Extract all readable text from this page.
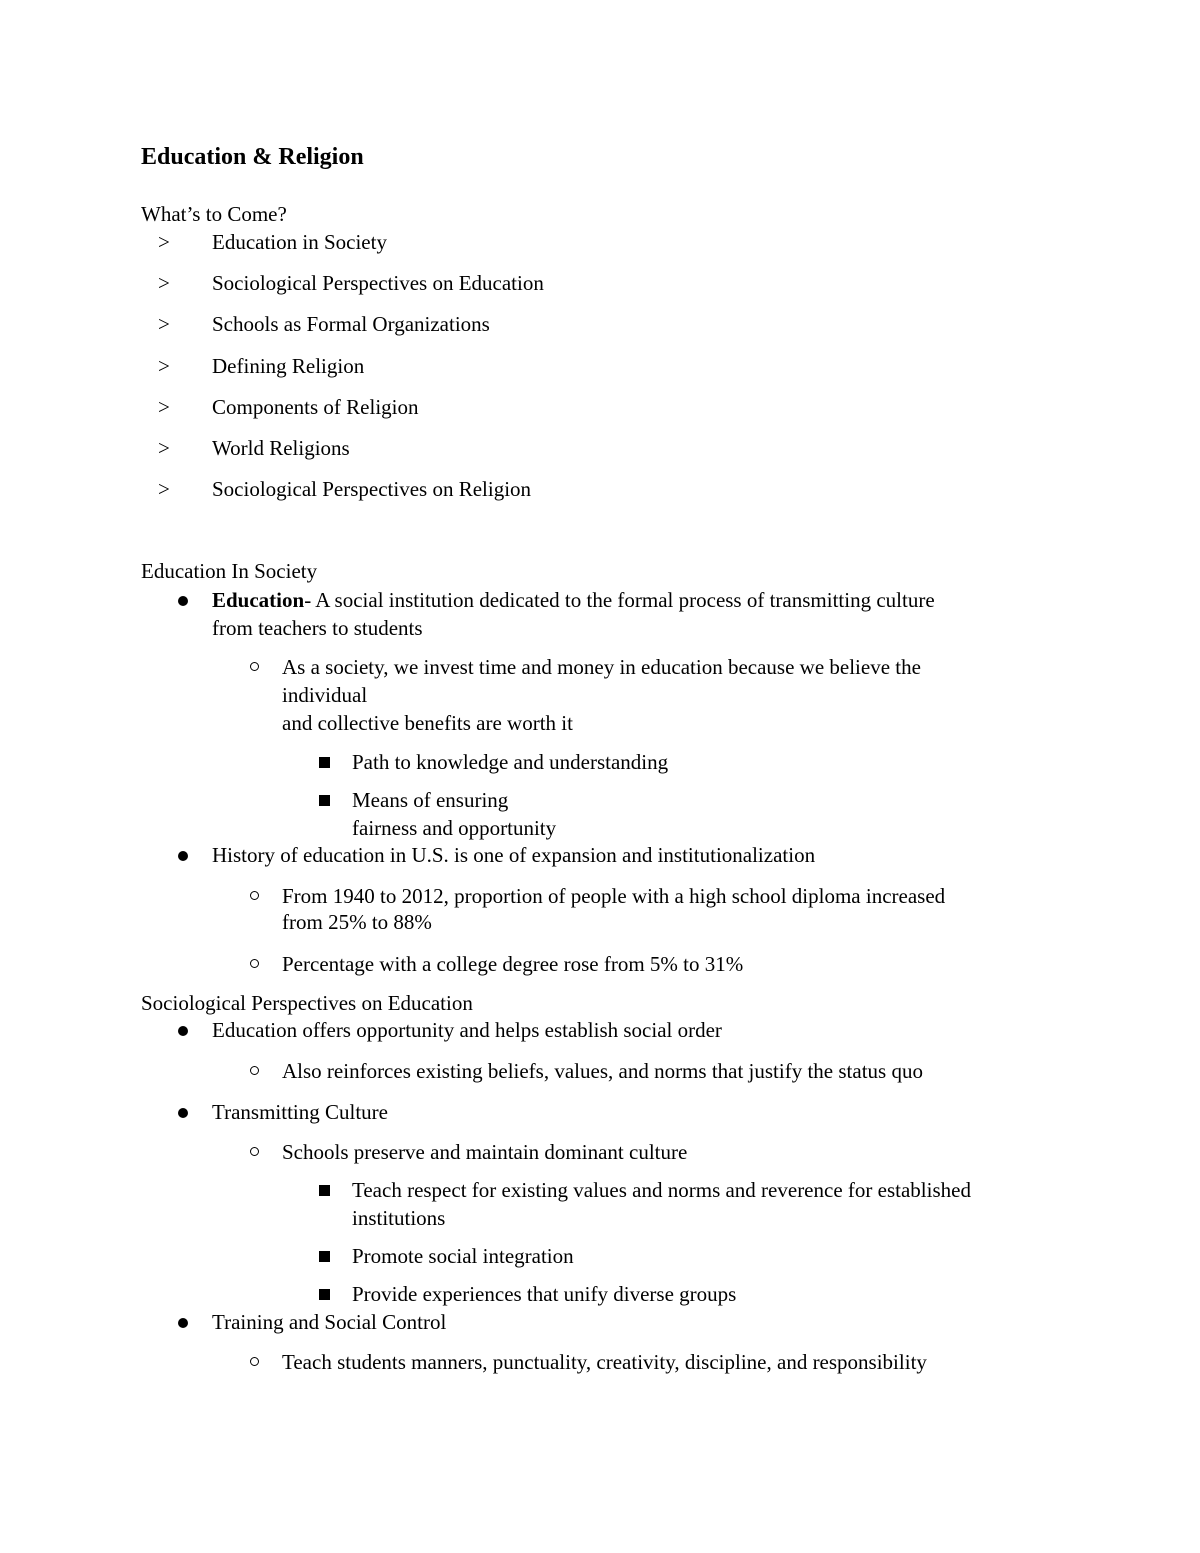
Education & Religion
What’s to Come?
> Education in Society
> Sociological Perspectives on Education
> Schools as Formal Organizations
> Defining Religion
> Components of Religion
> World Religions
> Sociological Perspectives on Religion
Education In Society
Education- A social institution dedicated to the formal process of transmitting culture
from teachers to students
As a society, we invest time and money in education because we believe the
individual
and collective benefits are worth it
Path to knowledge and understanding
Means of ensuring
fairness and opportunity
History of education in U.S. is one of expansion and institutionalization
From 1940 to 2012, proportion of people with a high school diploma increased
from 25% to 88%
Percentage with a college degree rose from 5% to 31%
Sociological Perspectives on Education
Education offers opportunity and helps establish social order
Also reinforces existing beliefs, values, and norms that justify the status quo
Transmitting Culture
Schools preserve and maintain dominant culture
Teach respect for existing values and norms and reverence for established
institutions
Promote social integration
Provide experiences that unify diverse groups
Training and Social Control
Teach students manners, punctuality, creativity, discipline, and responsibility
